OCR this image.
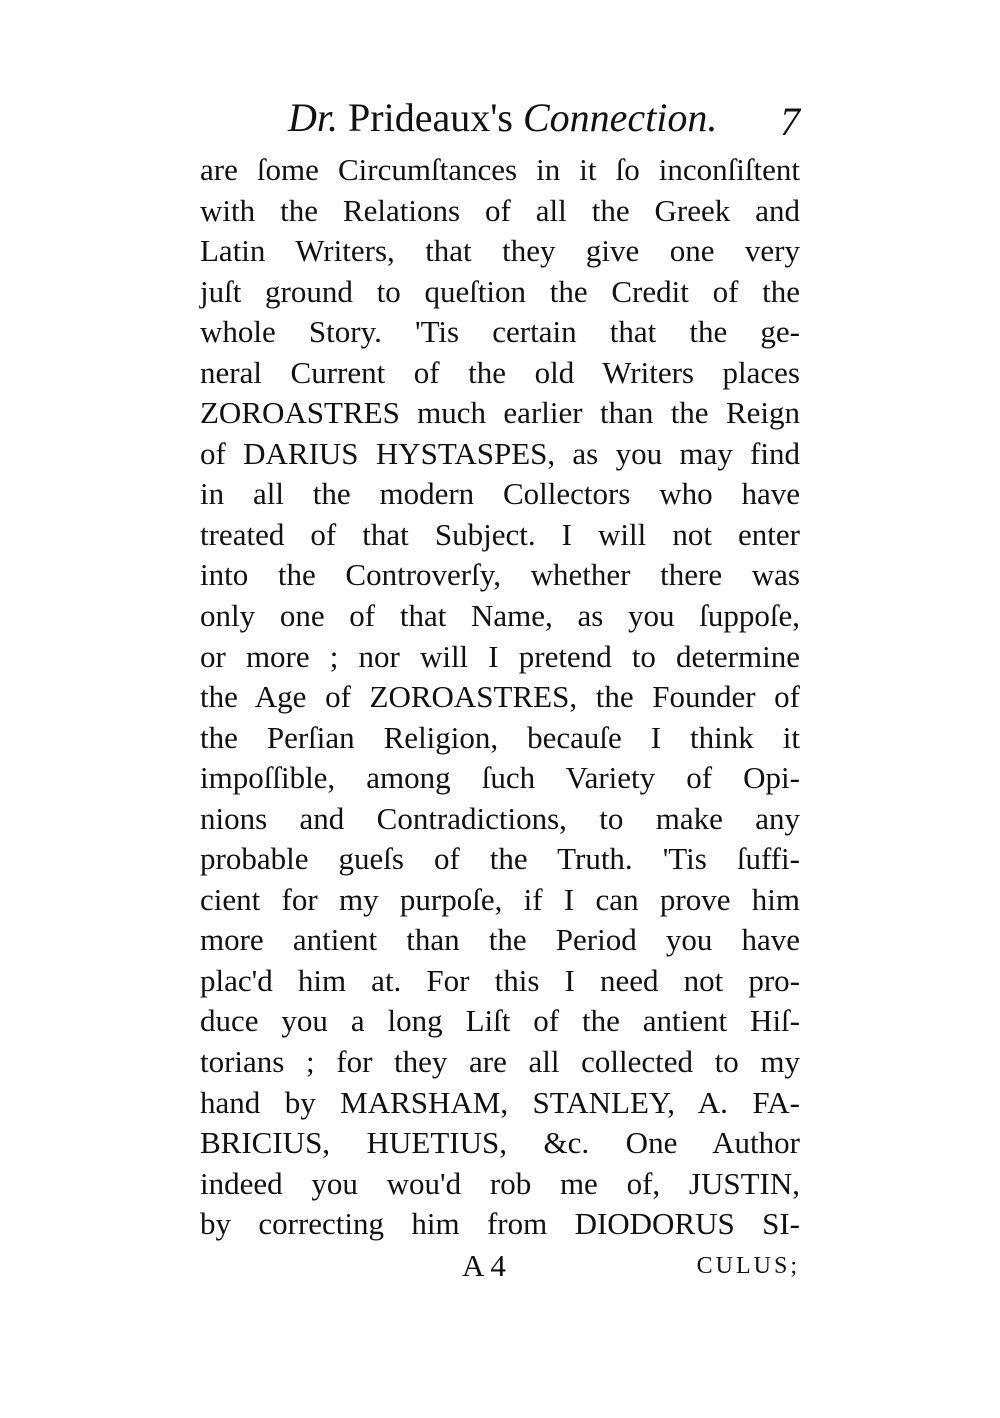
Dr. Prideaux's Connection. 7
are ſome Circumſtances in it ſo inconſiſtent
with the Relations of all the Greek and
Latin Writers, that they give one very
juſt ground to queſtion the Credit of the
whole Story. 'Tis certain that the ge-
neral Current of the old Writers places
ZOROASTRES much earlier than the Reign
of DARIUS HYSTASPES, as you may find
in all the modern Collectors who have
treated of that Subject. I will not enter
into the Controverſy, whether there was
only one of that Name, as you ſuppoſe,
or more ; nor will I pretend to determine
the Age of ZOROASTRES, the Founder of
the Perſian Religion, becauſe I think it
impoſſible, among ſuch Variety of Opi-
nions and Contradictions, to make any
probable gueſs of the Truth. 'Tis ſuffi-
cient for my purpoſe, if I can prove him
more antient than the Period you have
plac'd him at. For this I need not pro-
duce you a long Liſt of the antient Hiſ-
torians ; for they are all collected to my
hand by MARSHAM, STANLEY, A. FA-
BRICIUS, HUETIUS, &c. One Author
indeed you wou'd rob me of, JUSTIN,
by correcting him from DIODORUS SI-
A 4	CULUS;
